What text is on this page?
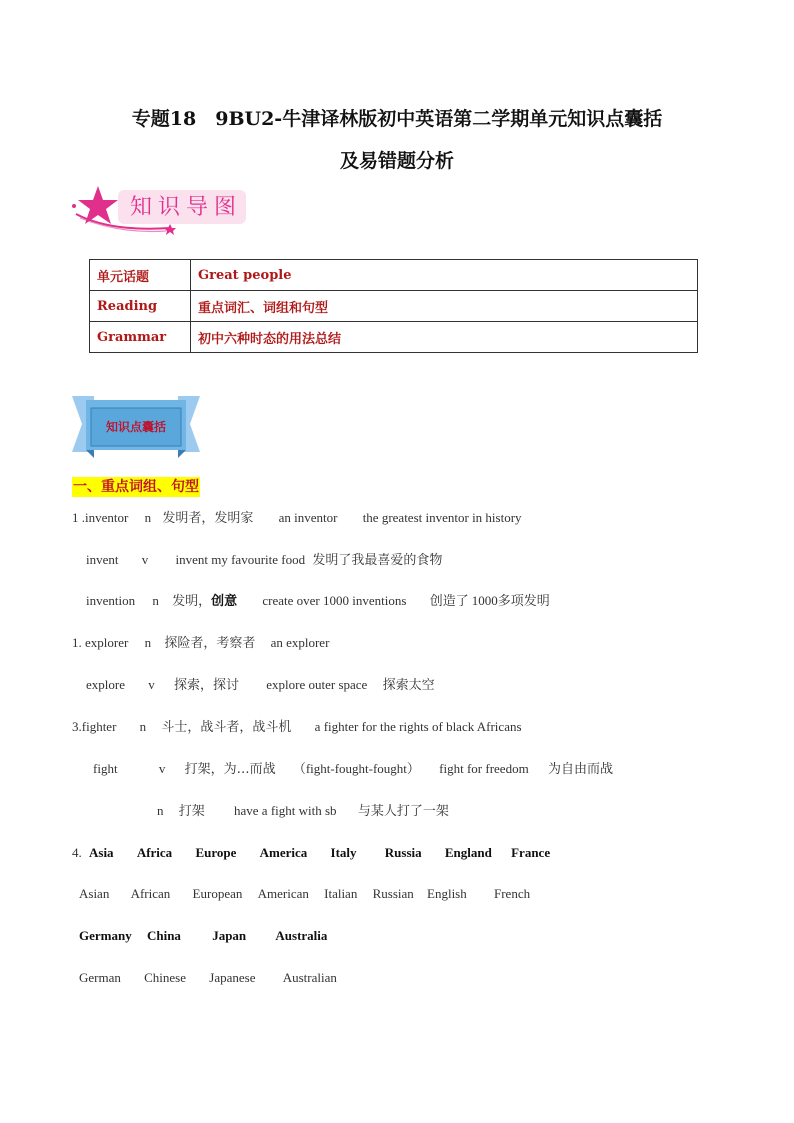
专题18　9BU2-牛津译林版初中英语第二学期单元知识点囊括
及易错题分析
知识导图
单元话题	Great people
Reading	重点词汇、词组和句型
Grammar	初中六种时态的用法总结
知识点囊括
一、重点词组、句型
1 .inventor n 发明者，发明家 an inventor the greatest inventor in history
invent v invent my favourite food 发明了我最喜爱的食物
invention n 发明，创意 create over 1000 inventions 创造了 1000多项发明
1. explorer n 探险者，考察者 an explorer
explore v 探索，探讨 explore outer space 探索太空
3.fighter n 斗士，战斗者，战斗机 a fighter for the rights of black Africans
fight	v 打架，为…而战 （fight-fought-fought） fight for freedom 为自由而战
n 打架 have a fight with sb 与某人打了一架
4. Asia Africa Europe America Italy Russia England France
Asian African European American Italian Russian English French
Germany China Japan Australia
German Chinese Japanese Australian
